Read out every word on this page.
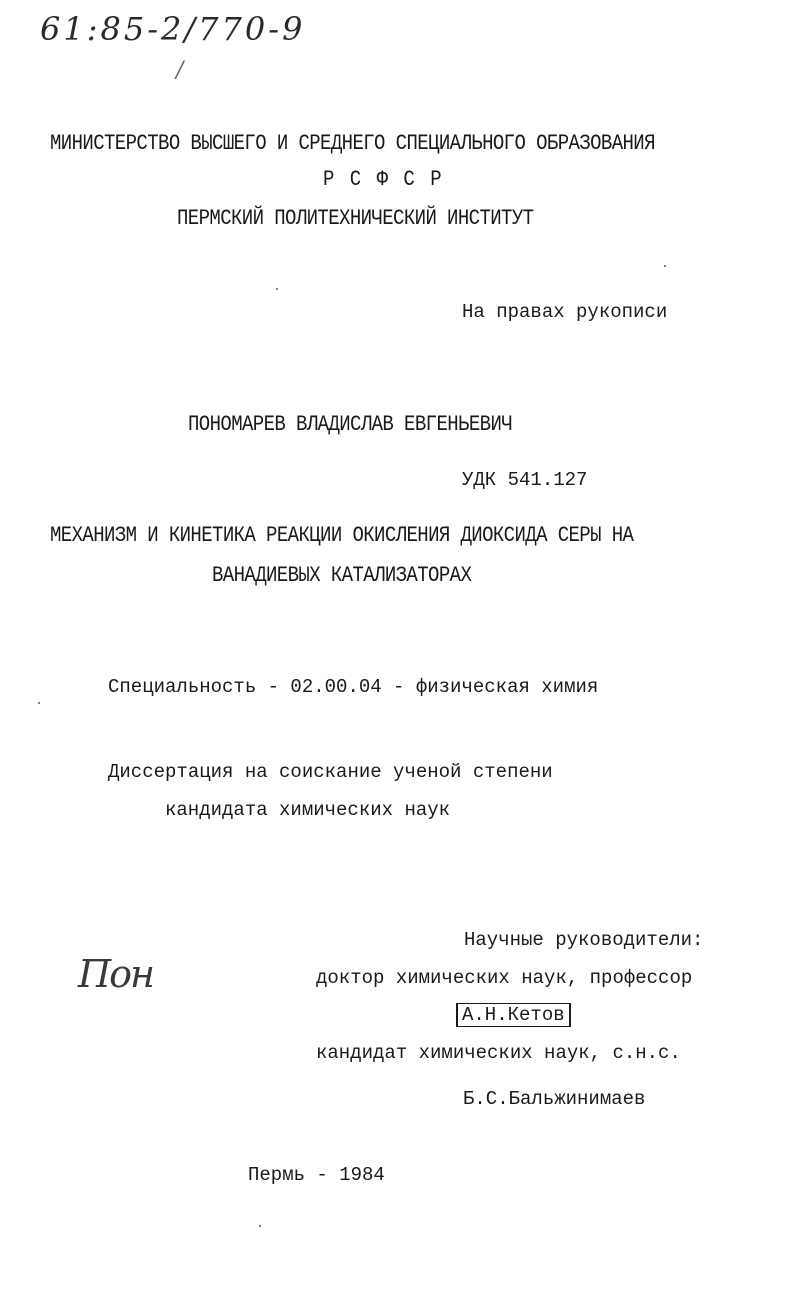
61:85-2/770-9
/
МИНИСТЕРСТВО ВЫСШЕГО И СРЕДНЕГО СПЕЦИАЛЬНОГО ОБРАЗОВАНИЯ
Р С Ф С Р
ПЕРМСКИЙ ПОЛИТЕХНИЧЕСКИЙ ИНСТИТУТ
На правах рукописи
ПОНОМАРЕВ ВЛАДИСЛАВ ЕВГЕНЬЕВИЧ
УДК 541.127
МЕХАНИЗМ И КИНЕТИКА РЕАКЦИИ ОКИСЛЕНИЯ ДИОКСИДА СЕРЫ НА
ВАНАДИЕВЫХ КАТАЛИЗАТОРАХ
Специальность - 02.00.04 - физическая химия
Диссертация на соискание ученой степени
кандидата химических наук
Научные руководители:
доктор химических наук, профессор
А.Н.Кетов
кандидат химических наук, с.н.с.
Б.С.Бальжинимаев
Пон
Пермь - 1984
